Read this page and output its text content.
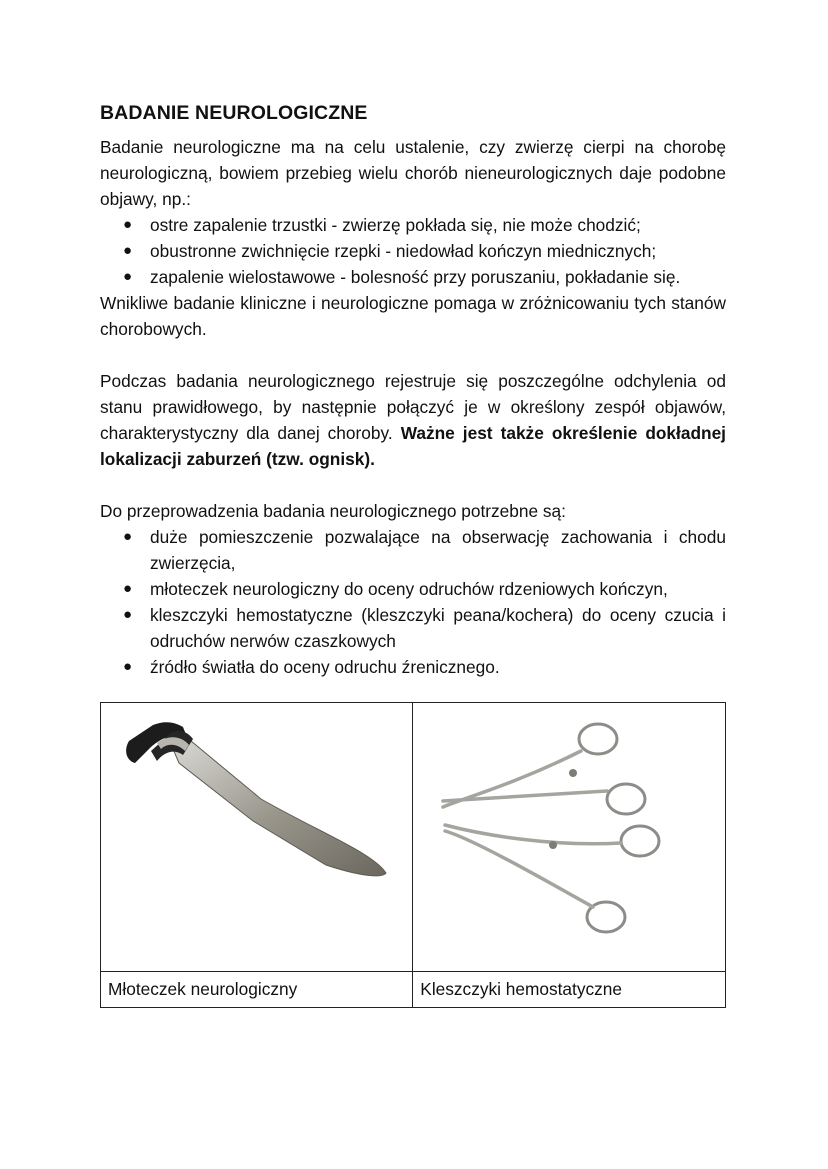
BADANIE NEUROLOGICZNE

Badanie neurologiczne ma na celu ustalenie, czy zwierzę cierpi na chorobę neurologiczną, bowiem przebieg wielu chorób nieneurologicznych daje podobne objawy, np.:

● ostre zapalenie trzustki - zwierzę pokłada się, nie może chodzić;
● obustronne zwichnięcie rzepki - niedowład kończyn miednicznych;
● zapalenie wielostawowe - bolesność przy poruszaniu, pokładanie się.

Wnikliwe badanie kliniczne i neurologiczne pomaga w zróżnicowaniu tych stanów chorobowych.

Podczas badania neurologicznego rejestruje się poszczególne odchylenia od stanu prawidłowego, by następnie połączyć je w określony zespół objawów, charakterystyczny dla danej choroby. Ważne jest także określenie dokładnej lokalizacji zaburzeń (tzw. ognisk).

Do przeprowadzenia badania neurologicznego potrzebne są:

● duże pomieszczenie pozwalające na obserwację zachowania i chodu zwierzęcia,
● młoteczek neurologiczny do oceny odruchów rdzeniowych kończyn,
● kleszczyki hemostatyczne (kleszczyki peana/kochera) do oceny czucia i odruchów nerwów czaszkowych
● źródło światła do oceny odruchu źrenicznego.

Młoteczek neurologiczny	Kleszczyki hemostatyczne
